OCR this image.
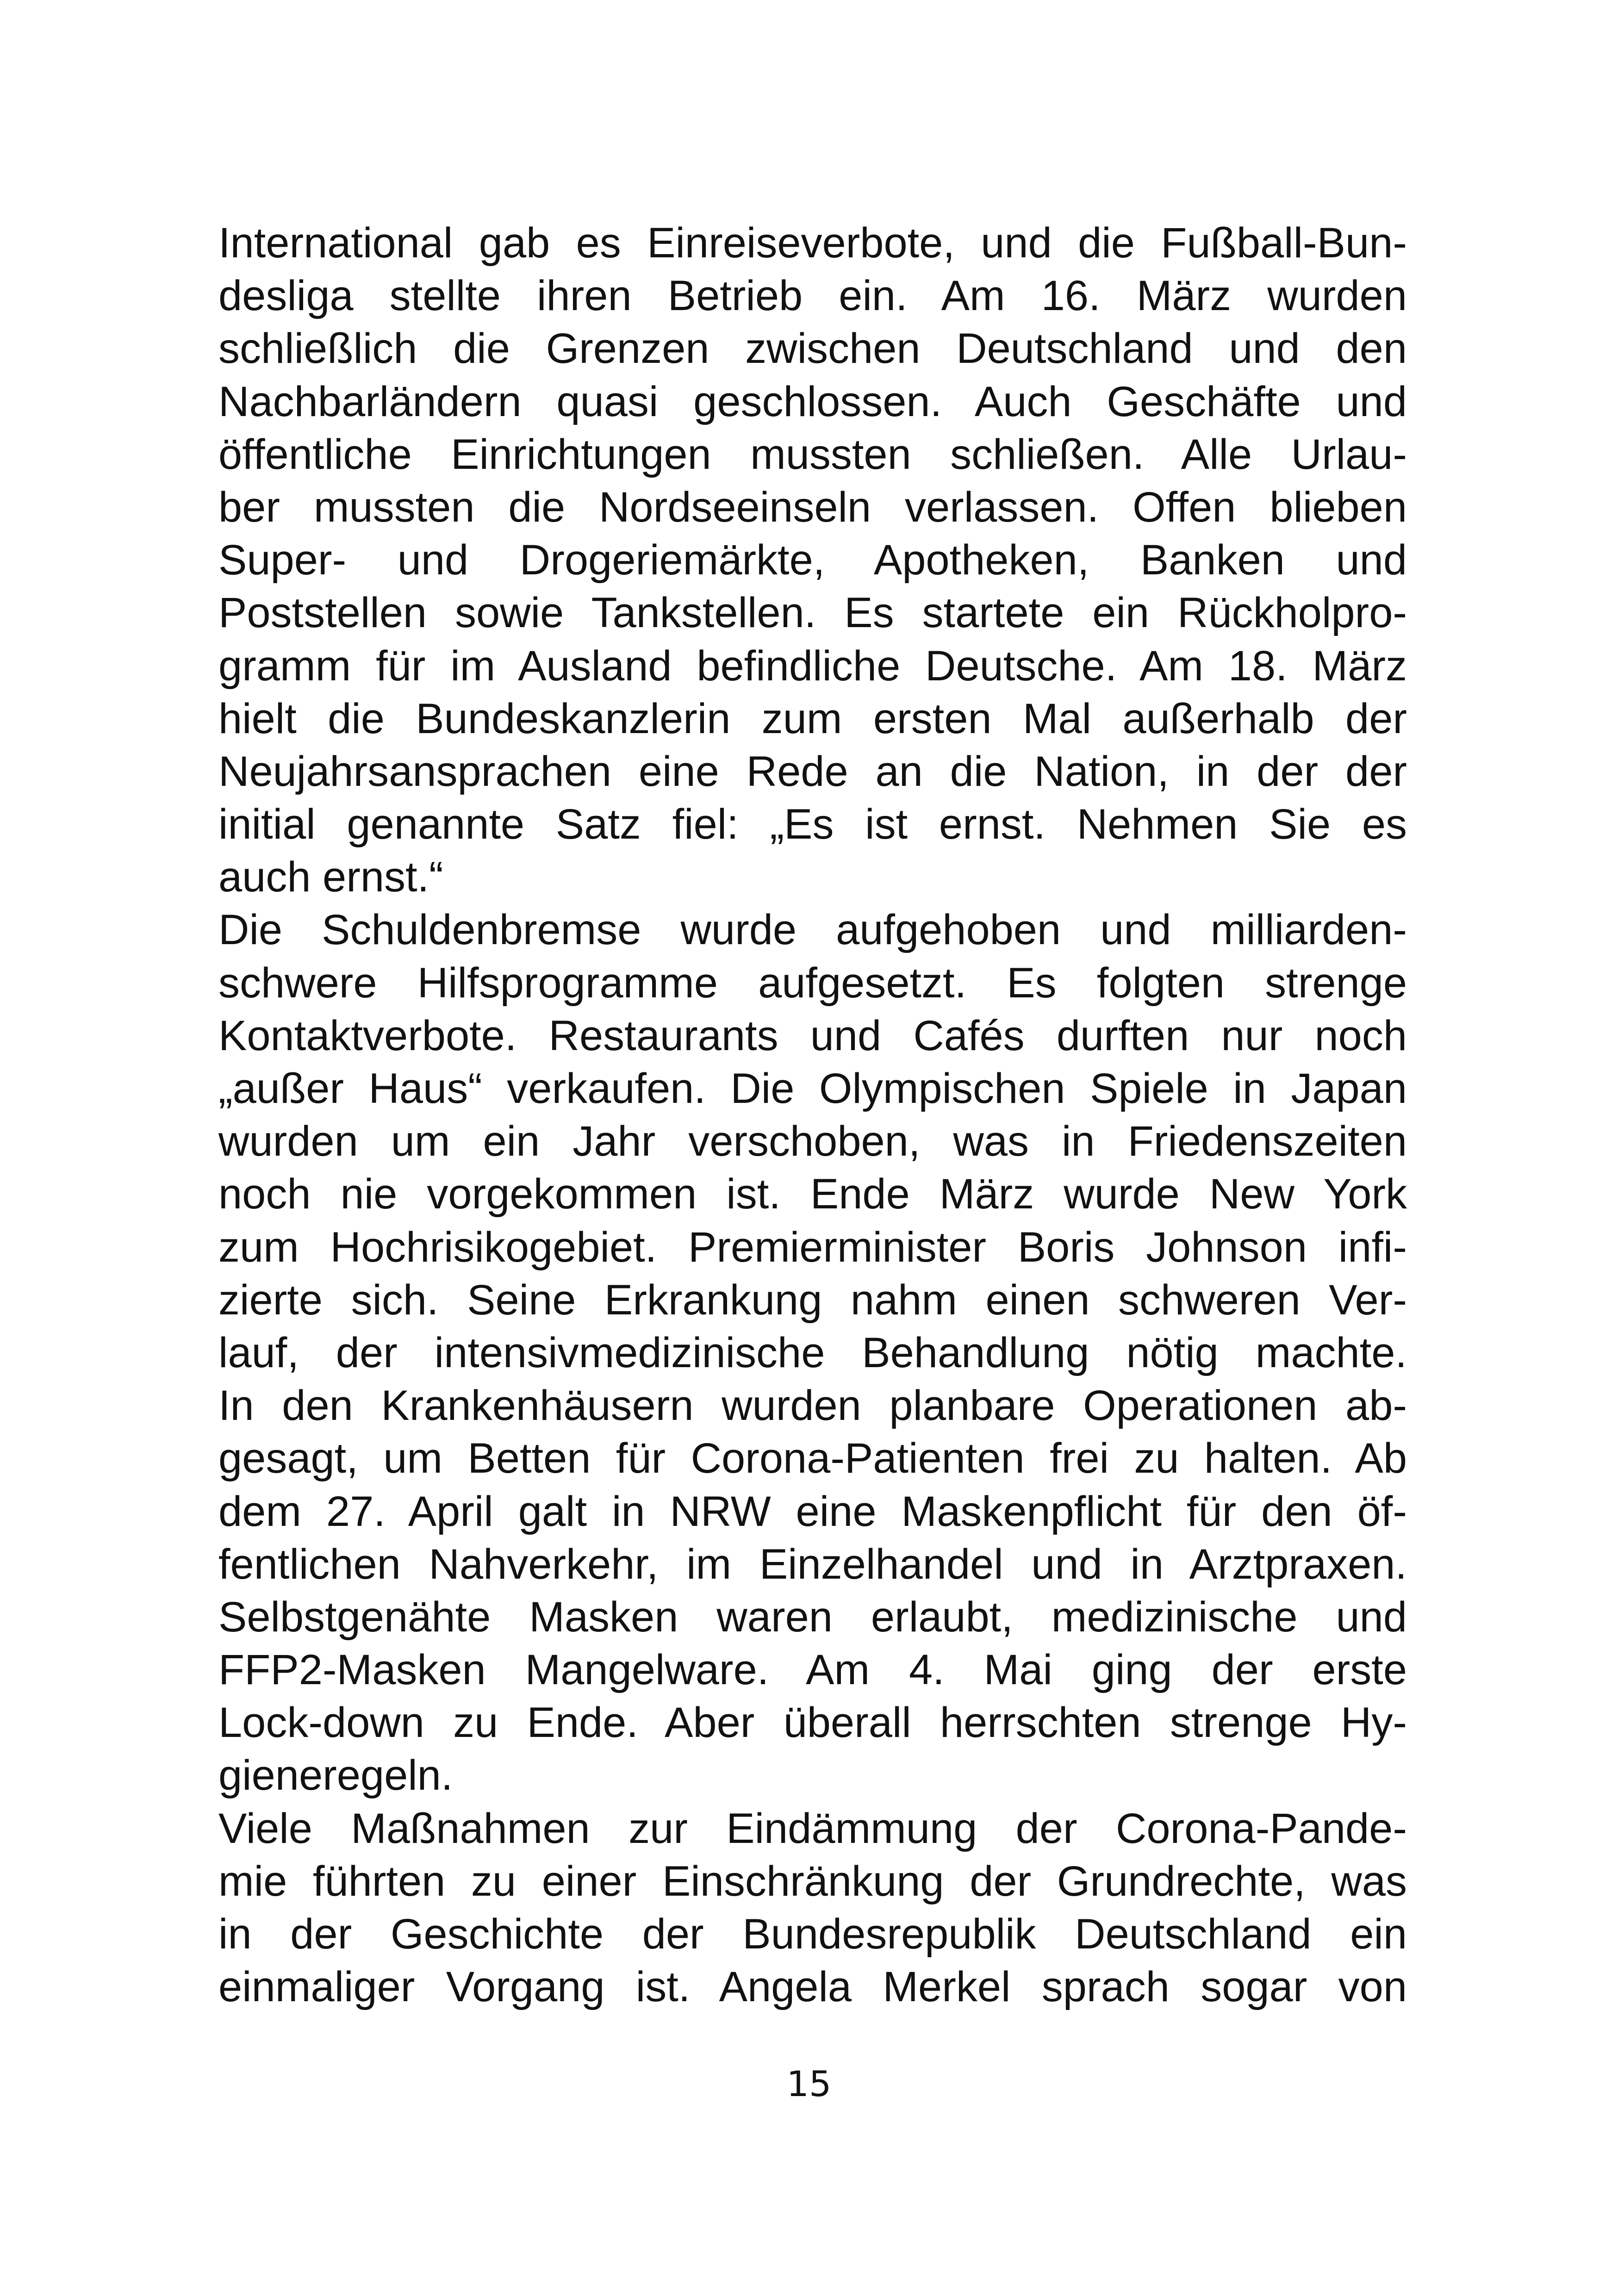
International gab es Einreiseverbote, und die Fußball-Bun-
desliga stellte ihren Betrieb ein. Am 16. März wurden
schließlich die Grenzen zwischen Deutschland und den
Nachbarländern quasi geschlossen. Auch Geschäfte und
öffentliche Einrichtungen mussten schließen. Alle Urlau-
ber mussten die Nordseeinseln verlassen. Offen blieben
Super- und Drogeriemärkte, Apotheken, Banken und
Poststellen sowie Tankstellen. Es startete ein Rückholpro-
gramm für im Ausland befindliche Deutsche. Am 18. März
hielt die Bundeskanzlerin zum ersten Mal außerhalb der
Neujahrsansprachen eine Rede an die Nation, in der der
initial genannte Satz fiel: „Es ist ernst. Nehmen Sie es
auch ernst.“
Die Schuldenbremse wurde aufgehoben und milliarden-
schwere Hilfsprogramme aufgesetzt. Es folgten strenge
Kontaktverbote. Restaurants und Cafés durften nur noch
„außer Haus“ verkaufen. Die Olympischen Spiele in Japan
wurden um ein Jahr verschoben, was in Friedenszeiten
noch nie vorgekommen ist. Ende März wurde New York
zum Hochrisikogebiet. Premierminister Boris Johnson infi-
zierte sich. Seine Erkrankung nahm einen schweren Ver-
lauf, der intensivmedizinische Behandlung nötig machte.
In den Krankenhäusern wurden planbare Operationen ab-
gesagt, um Betten für Corona-Patienten frei zu halten. Ab
dem 27. April galt in NRW eine Maskenpflicht für den öf-
fentlichen Nahverkehr, im Einzelhandel und in Arztpraxen.
Selbstgenähte Masken waren erlaubt, medizinische und
FFP2-Masken Mangelware. Am 4. Mai ging der erste
Lock-down zu Ende. Aber überall herrschten strenge Hy-
gieneregeln.
Viele Maßnahmen zur Eindämmung der Corona-Pande-
mie führten zu einer Einschränkung der Grundrechte, was
in der Geschichte der Bundesrepublik Deutschland ein
einmaliger Vorgang ist. Angela Merkel sprach sogar von
15
